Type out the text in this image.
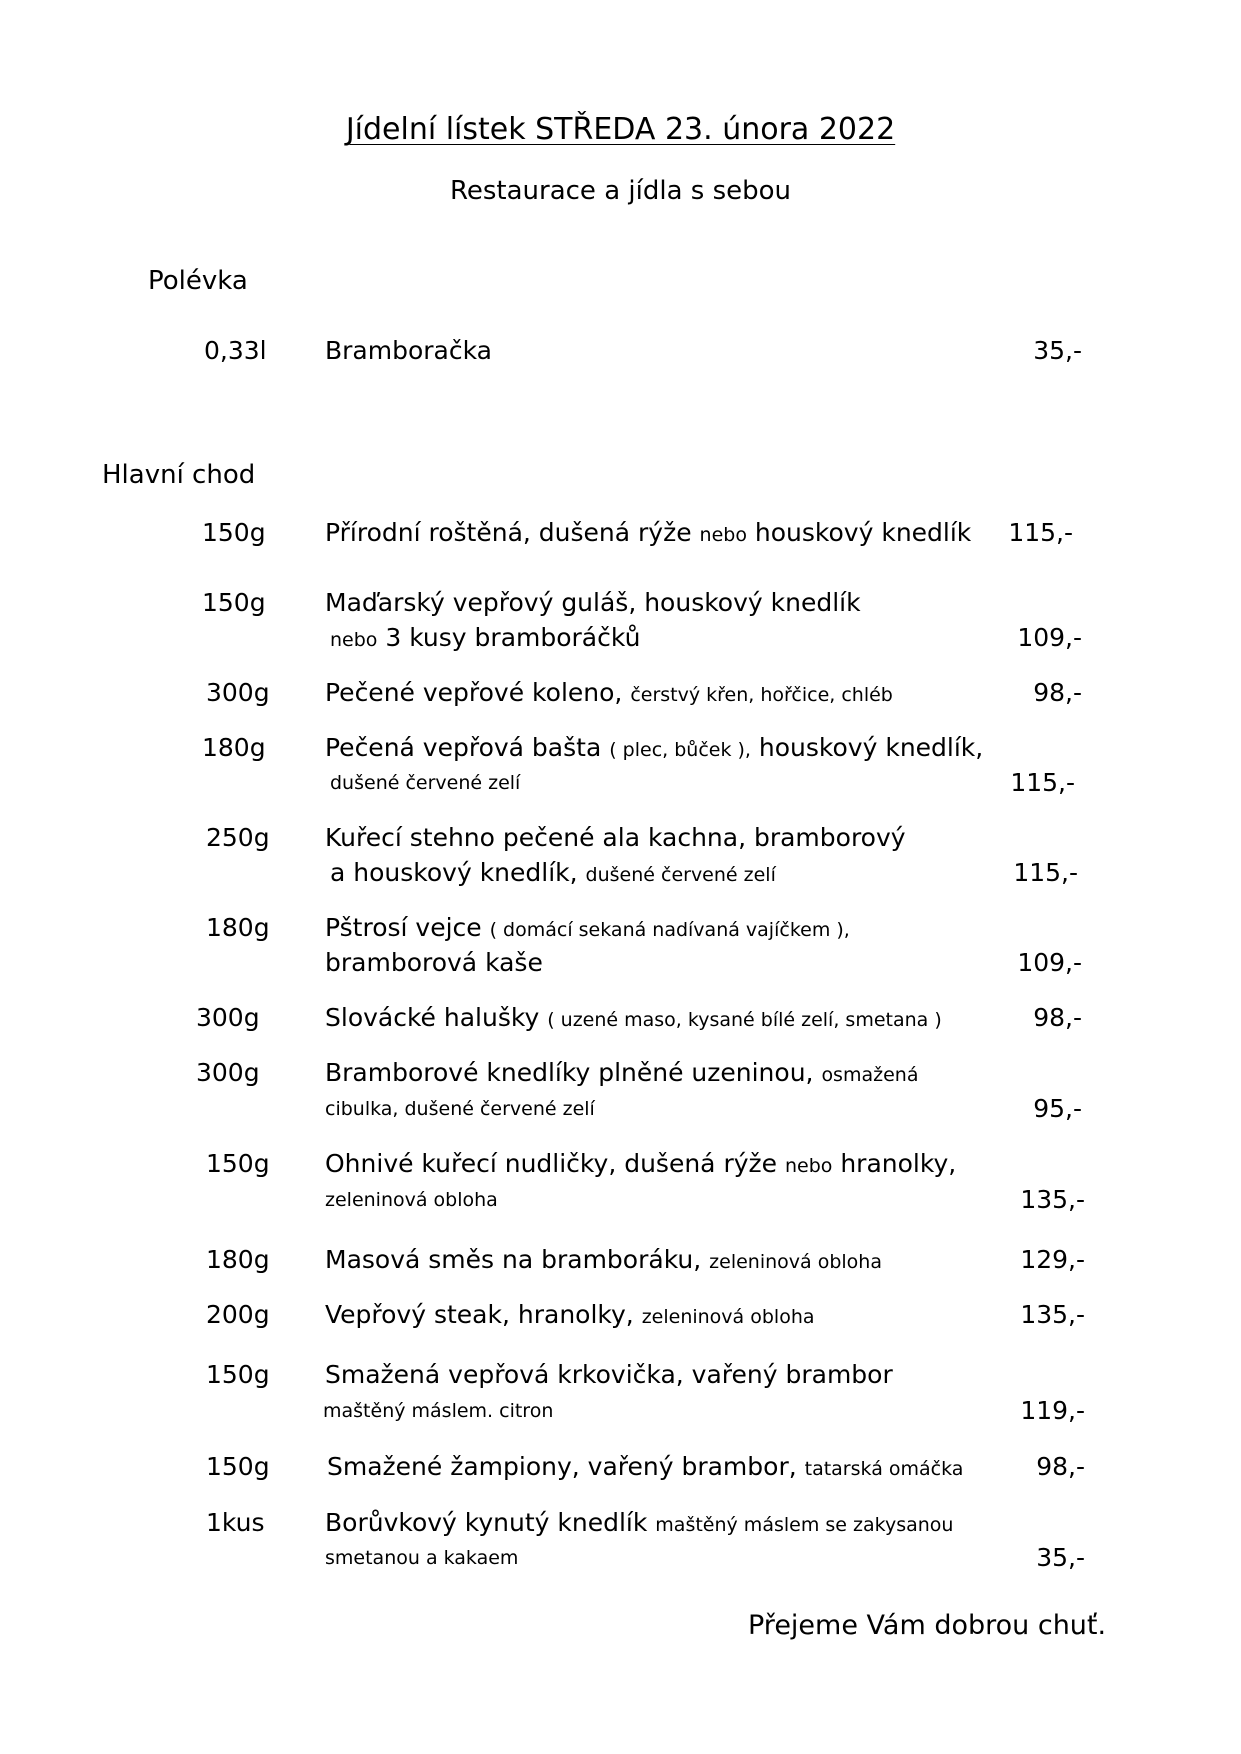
Jídelní lístek STŘEDA 23. února 2022
Restaurace a jídla s sebou
Polévka
0,33l Bramboračka	35,-
Hlavní chod
150g Přírodní roštěná, dušená rýže nebo houskový knedlík	115,-
150g Maďarský vepřový guláš, houskový knedlík
nebo 3 kusy bramboráčků	109,-
300g Pečené vepřové koleno, čerstvý křen, hořčice, chléb	98,-
180g Pečená vepřová bašta ( plec, bůček ), houskový knedlík,
dušené červené zelí	115,-
250g Kuřecí stehno pečené ala kachna, bramborový
a houskový knedlík, dušené červené zelí	115,-
180g Pštrosí vejce ( domácí sekaná nadívaná vajíčkem ),
bramborová kaše	109,-
300g	Slovácké halušky ( uzené maso, kysané bílé zelí, smetana )	98,-
300g	Bramborové knedlíky plněné uzeninou, osmažená
cibulka, dušené červené zelí	95,-
150g Ohnivé kuřecí nudličky, dušená rýže nebo hranolky,
zeleninová obloha	135,-
180g Masová směs na bramboráku, zeleninová obloha	129,-
200g Vepřový steak, hranolky, zeleninová obloha	135,-
150g Smažená vepřová krkovička, vařený brambor
maštěný máslem. citron	119,-
150g Smažené žampiony, vařený brambor, tatarská omáčka	98,-
1kus Borůvkový kynutý knedlík maštěný máslem se zakysanou
smetanou a kakaem	35,-
Přejeme Vám dobrou chuť.
